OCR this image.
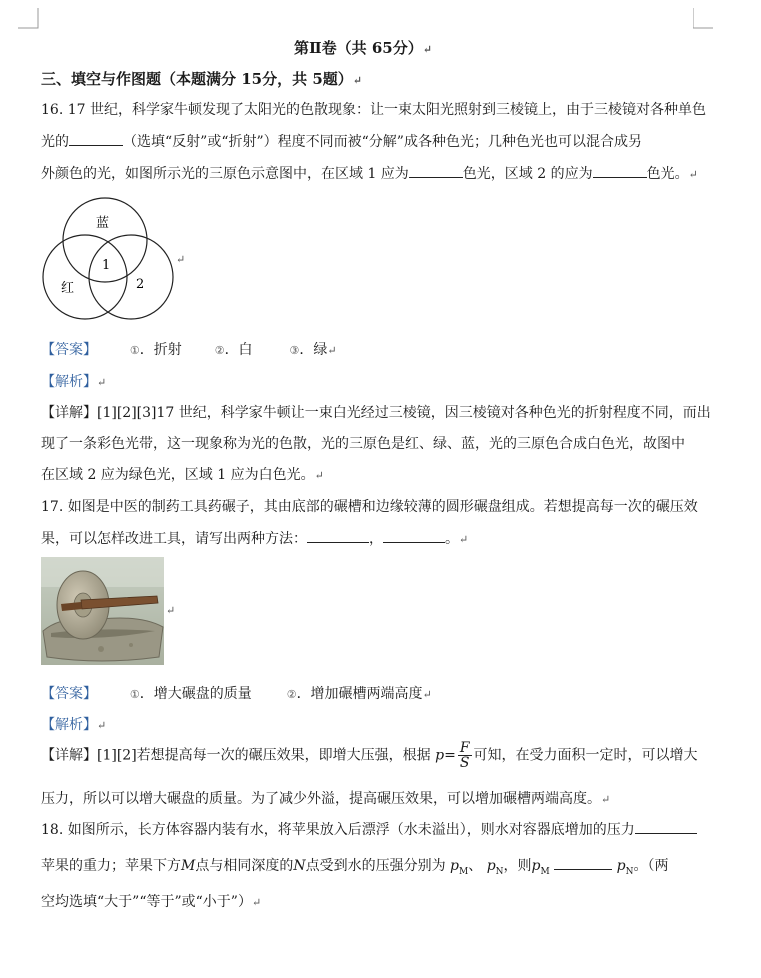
第Ⅱ卷（共 65分）↵
三、填空与作图题（本题满分 15分，共 5题）↵
16. 17 世纪，科学家牛顿发现了太阳光的色散现象：让一束太阳光照射到三棱镜上，由于三棱镜对各种单色
光的	（选填“反射”或“折射”）程度不同而被“分解”成各种色光；几种色光也可以混合成另
外颜色的光，如图所示光的三原色示意图中，在区域 1 应为	色光，区域 2 的应为	色光。↵
蓝
红
1
2
↵
【答案】	①．折射	②．白	③．绿↵
【解析】↵
【详解】[1][2][3]17 世纪，科学家牛顿让一束白光经过三棱镜，因三棱镜对各种色光的折射程度不同，而出
现了一条彩色光带，这一现象称为光的色散，光的三原色是红、绿、蓝，光的三原色合成白色光，故图中
在区域 2 应为绿色光，区域 1 应为白色光。↵
17. 如图是中医的制药工具药碾子，其由底部的碾槽和边缘较薄的圆形碾盘组成。若想提高每一次的碾压效
果，可以怎样改进工具，请写出两种方法：	，	。↵
↵
【答案】	①．增大碾盘的质量	②．增加碾槽两端高度↵
【解析】↵
【详解】[1][2]若想提高每一次的碾压效果，即增大压强，根据 $p= \frac{F}{S}$ 可知，在受力面积一定时，可以增大
压力，所以可以增大碾盘的质量。为了减少外溢，提高碾压效果，可以增加碾槽两端高度。↵
18. 如图所示，长方体容器内装有水，将苹果放入后漂浮（水未溢出），则水对容器底增加的压力
苹果的重力；苹果下方M点与相同深度的N点受到水的压强分别为 $p_M$、 $p_N$，则$p_M$	$p_N$。（两
空均选填“大于”“等于”或“小于”）↵
